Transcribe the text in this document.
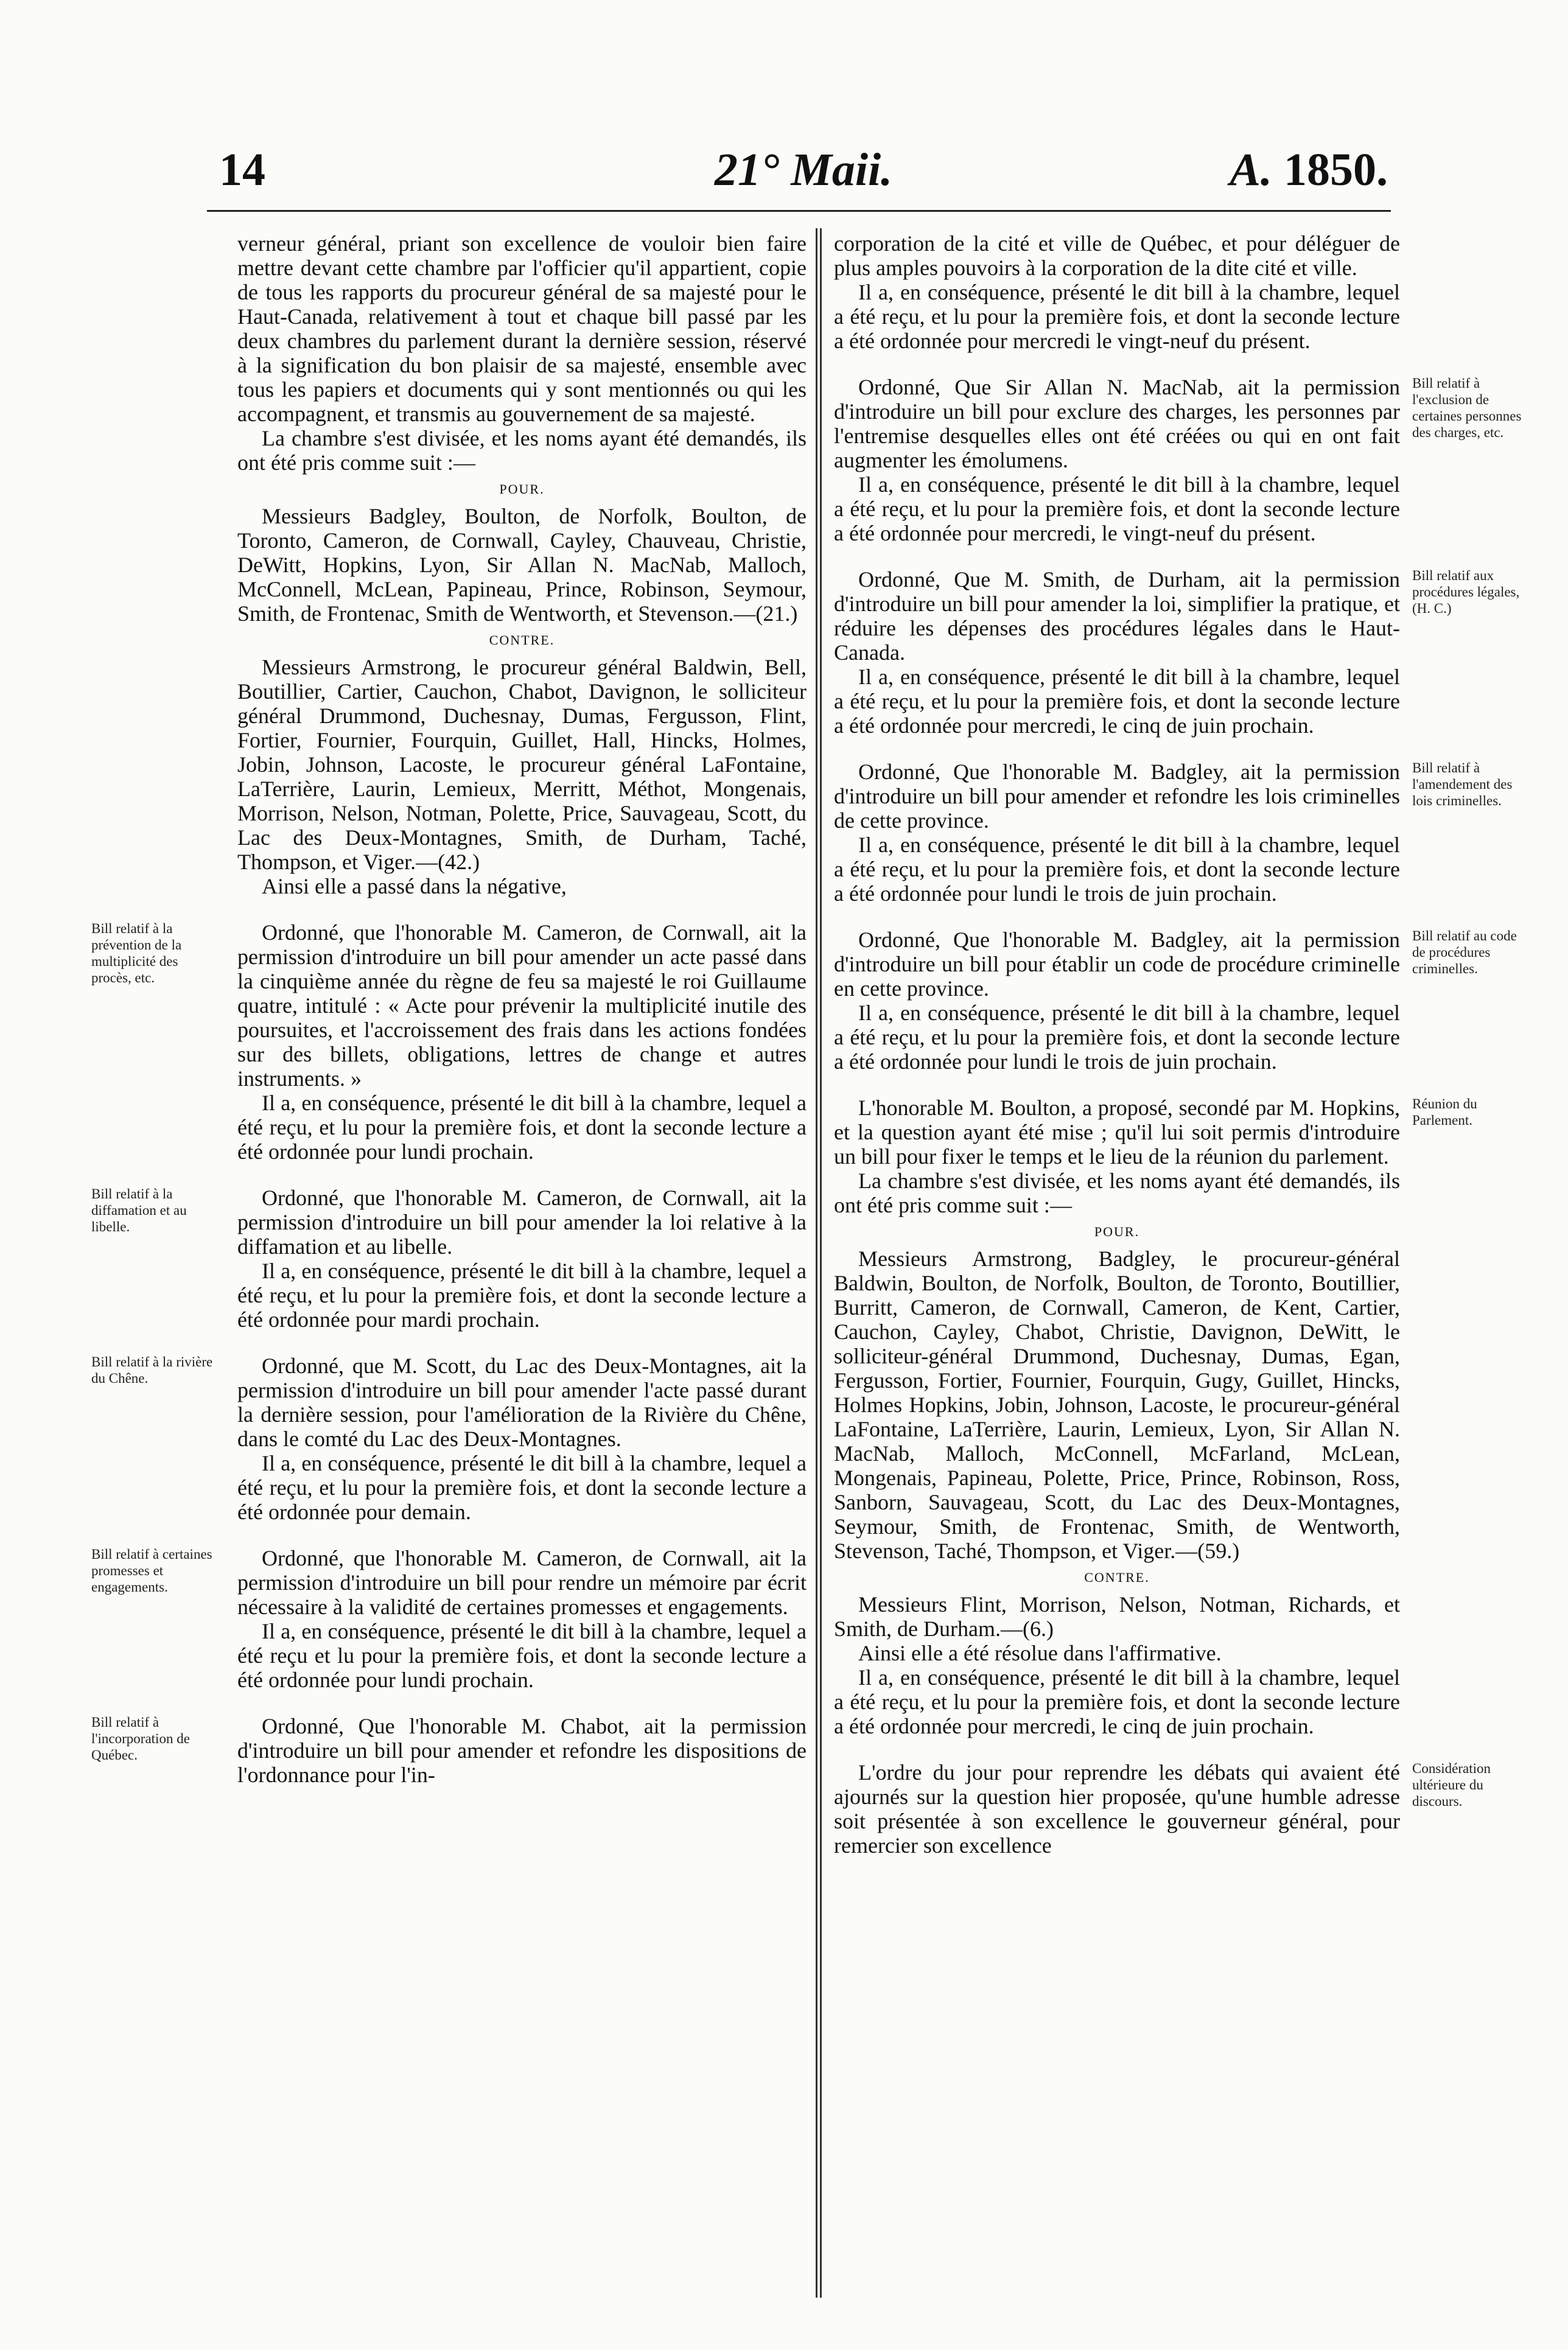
14	21° Maii.	A. 1850.

verneur général, priant son excellence de vouloir bien faire mettre devant cette chambre par l'officier qu'il appartient, copie de tous les rapports du procureur général de sa majesté pour le Haut-Canada, relativement à tout et chaque bill passé par les deux chambres du parlement durant la dernière session, réservé à la signification du bon plaisir de sa majesté, ensemble avec tous les papiers et documents qui y sont mentionnés ou qui les accompagnent, et transmis au gouvernement de sa majesté.

La chambre s'est divisée, et les noms ayant été demandés, ils ont été pris comme suit :—

POUR.

Messieurs Badgley, Boulton, de Norfolk, Boulton, de Toronto, Cameron, de Cornwall, Cayley, Chauveau, Christie, DeWitt, Hopkins, Lyon, Sir Allan N. MacNab, Malloch, McConnell, McLean, Papineau, Prince, Robinson, Seymour, Smith, de Frontenac, Smith de Wentworth, et Stevenson.—(21.)

CONTRE.

Messieurs Armstrong, le procureur général Baldwin, Bell, Boutillier, Cartier, Cauchon, Chabot, Davignon, le solliciteur général Drummond, Duchesnay, Dumas, Fergusson, Flint, Fortier, Fournier, Fourquin, Guillet, Hall, Hincks, Holmes, Jobin, Johnson, Lacoste, le procureur général LaFontaine, LaTerrière, Laurin, Lemieux, Merritt, Méthot, Mongenais, Morrison, Nelson, Notman, Polette, Price, Sauvageau, Scott, du Lac des Deux-Montagnes, Smith, de Durham, Taché, Thompson, et Viger.—(42.)

Ainsi elle a passé dans la négative,

Bill relatif à la prévention de la multiplicité des procès, etc.

Ordonné, que l'honorable M. Cameron, de Cornwall, ait la permission d'introduire un bill pour amender un acte passé dans la cinquième année du règne de feu sa majesté le roi Guillaume quatre, intitulé : « Acte pour prévenir la multiplicité inutile des poursuites, et l'accroissement des frais dans les actions fondées sur des billets, obligations, lettres de change et autres instruments. »

Il a, en conséquence, présenté le dit bill à la chambre, lequel a été reçu, et lu pour la première fois, et dont la seconde lecture a été ordonnée pour lundi prochain.

Bill relatif à la diffamation et au libelle.

Ordonné, que l'honorable M. Cameron, de Cornwall, ait la permission d'introduire un bill pour amender la loi relative à la diffamation et au libelle.

Il a, en conséquence, présenté le dit bill à la chambre, lequel a été reçu, et lu pour la première fois, et dont la seconde lecture a été ordonnée pour mardi prochain.

Bill relatif à la rivière du Chêne.

Ordonné, que M. Scott, du Lac des Deux-Montagnes, ait la permission d'introduire un bill pour amender l'acte passé durant la dernière session, pour l'amélioration de la Rivière du Chêne, dans le comté du Lac des Deux-Montagnes.

Il a, en conséquence, présenté le dit bill à la chambre, lequel a été reçu, et lu pour la première fois, et dont la seconde lecture a été ordonnée pour demain.

Bill relatif à certaines promesses et engagements.

Ordonné, que l'honorable M. Cameron, de Cornwall, ait la permission d'introduire un bill pour rendre un mémoire par écrit nécessaire à la validité de certaines promesses et engagements.

Il a, en conséquence, présenté le dit bill à la chambre, lequel a été reçu et lu pour la première fois, et dont la seconde lecture a été ordonnée pour lundi prochain.

Bill relatif à l'incorporation de Québec.

Ordonné, Que l'honorable M. Chabot, ait la permission d'introduire un bill pour amender et refondre les dispositions de l'ordonnance pour l'in-

corporation de la cité et ville de Québec, et pour déléguer de plus amples pouvoirs à la corporation de la dite cité et ville.

Il a, en conséquence, présenté le dit bill à la chambre, lequel a été reçu, et lu pour la première fois, et dont la seconde lecture a été ordonnée pour mercredi le vingt-neuf du présent.

Bill relatif à l'exclusion de certaines personnes des charges, etc.

Ordonné, Que Sir Allan N. MacNab, ait la permission d'introduire un bill pour exclure des charges, les personnes par l'entremise desquelles elles ont été créées ou qui en ont fait augmenter les émolumens.

Il a, en conséquence, présenté le dit bill à la chambre, lequel a été reçu, et lu pour la première fois, et dont la seconde lecture a été ordonnée pour mercredi, le vingt-neuf du présent.

Bill relatif aux procédures légales, (H. C.)

Ordonné, Que M. Smith, de Durham, ait la permission d'introduire un bill pour amender la loi, simplifier la pratique, et réduire les dépenses des procédures légales dans le Haut-Canada.

Il a, en conséquence, présenté le dit bill à la chambre, lequel a été reçu, et lu pour la première fois, et dont la seconde lecture a été ordonnée pour mercredi, le cinq de juin prochain.

Bill relatif à l'amendement des lois criminelles.

Ordonné, Que l'honorable M. Badgley, ait la permission d'introduire un bill pour amender et refondre les lois criminelles de cette province.

Il a, en conséquence, présenté le dit bill à la chambre, lequel a été reçu, et lu pour la première fois, et dont la seconde lecture a été ordonnée pour lundi le trois de juin prochain.

Bill relatif au code de procédures criminelles.

Ordonné, Que l'honorable M. Badgley, ait la permission d'introduire un bill pour établir un code de procédure criminelle en cette province.

Il a, en conséquence, présenté le dit bill à la chambre, lequel a été reçu, et lu pour la première fois, et dont la seconde lecture a été ordonnée pour lundi le trois de juin prochain.

Réunion du Parlement.

L'honorable M. Boulton, a proposé, secondé par M. Hopkins, et la question ayant été mise ; qu'il lui soit permis d'introduire un bill pour fixer le temps et le lieu de la réunion du parlement.

La chambre s'est divisée, et les noms ayant été demandés, ils ont été pris comme suit :—

POUR.

Messieurs Armstrong, Badgley, le procureur-général Baldwin, Boulton, de Norfolk, Boulton, de Toronto, Boutillier, Burritt, Cameron, de Cornwall, Cameron, de Kent, Cartier, Cauchon, Cayley, Chabot, Christie, Davignon, DeWitt, le solliciteur-général Drummond, Duchesnay, Dumas, Egan, Fergusson, Fortier, Fournier, Fourquin, Gugy, Guillet, Hincks, Holmes Hopkins, Jobin, Johnson, Lacoste, le procureur-général LaFontaine, LaTerrière, Laurin, Lemieux, Lyon, Sir Allan N. MacNab, Malloch, McConnell, McFarland, McLean, Mongenais, Papineau, Polette, Price, Prince, Robinson, Ross, Sanborn, Sauvageau, Scott, du Lac des Deux-Montagnes, Seymour, Smith, de Frontenac, Smith, de Wentworth, Stevenson, Taché, Thompson, et Viger.—(59.)

CONTRE.

Messieurs Flint, Morrison, Nelson, Notman, Richards, et Smith, de Durham.—(6.)

Ainsi elle a été résolue dans l'affirmative.

Il a, en conséquence, présenté le dit bill à la chambre, lequel a été reçu, et lu pour la première fois, et dont la seconde lecture a été ordonnée pour mercredi, le cinq de juin prochain.

Considération ultérieure du discours.

L'ordre du jour pour reprendre les débats qui avaient été ajournés sur la question hier proposée, qu'une humble adresse soit présentée à son excellence le gouverneur général, pour remercier son excellence
